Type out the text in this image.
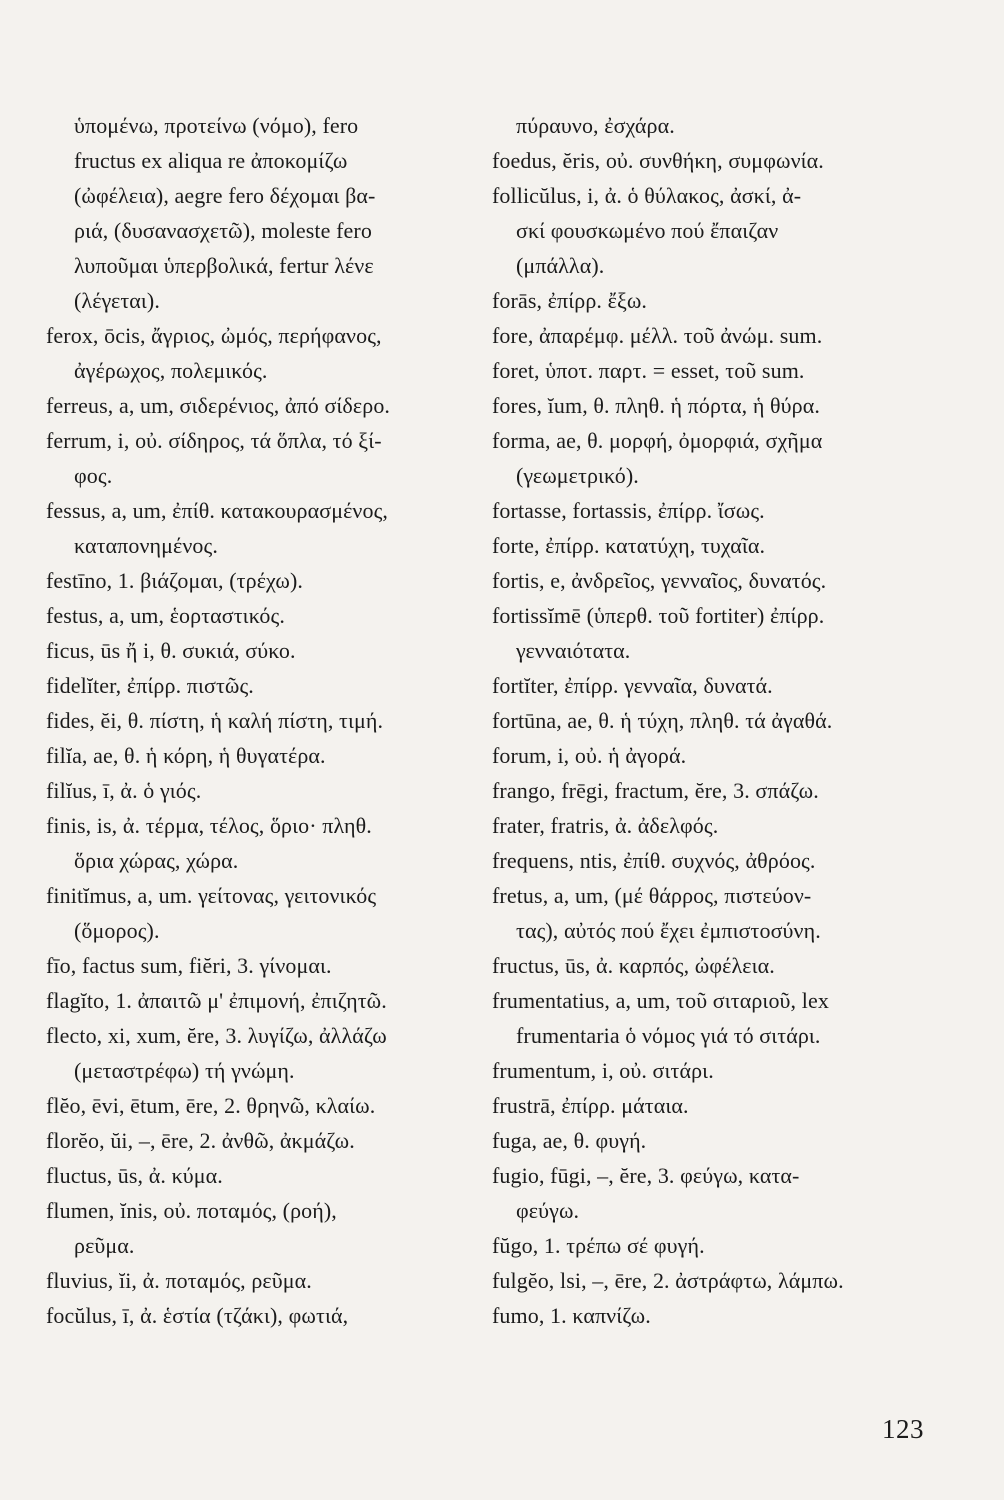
ὑπομένω, προτείνω (νόμο), fero
fructus ex aliqua re ἀποκομίζω
(ὠφέλεια), aegre fero δέχομαι βα-
ριά, (δυσανασχετῶ), moleste fero
λυποῦμαι ὑπερβολικά, fertur λένε
(λέγεται).
ferox, ōcis, ἄγριος, ὠμός, περήφανος,
ἀγέρωχος, πολεμικός.
ferreus, a, um, σιδερένιος, ἀπό σίδερο.
ferrum, i, οὐ. σίδηρος, τά ὅπλα, τό ξί-
φος.
fessus, a, um, ἐπίθ. κατακουρασμένος,
καταπονημένος.
festīno, 1. βιάζομαι, (τρέχω).
festus, a, um, ἑορταστικός.
ficus, ūs ἤ i, θ. συκιά, σύκο.
fidelĭter, ἐπίρρ. πιστῶς.
fides, ĕi, θ. πίστη, ἡ καλή πίστη, τιμή.
filĭa, ae, θ. ἡ κόρη, ἡ θυγατέρα.
filĭus, ī, ἀ. ὁ γιός.
finis, is, ἀ. τέρμα, τέλος, ὅριο· πληθ.
ὅρια χώρας, χώρα.
finitĭmus, a, um. γείτονας, γειτονικός
(ὅμορος).
fīo, factus sum, fiĕri, 3. γίνομαι.
flagĭto, 1. ἀπαιτῶ μ' ἐπιμονή, ἐπιζητῶ.
flecto, xi, xum, ĕre, 3. λυγίζω, ἀλλάζω
(μεταστρέφω) τή γνώμη.
flĕo, ēvi, ētum, ēre, 2. θρηνῶ, κλαίω.
florĕo, ŭi, –, ēre, 2. ἀνθῶ, ἀκμάζω.
fluctus, ūs, ἀ. κύμα.
flumen, ĭnis, οὐ. ποταμός, (ροή),
ρεῦμα.
fluvius, ĭi, ἀ. ποταμός, ρεῦμα.
focŭlus, ī, ἀ. ἑστία (τζάκι), φωτιά,
πύραυνο, ἐσχάρα.
foedus, ĕris, οὐ. συνθήκη, συμφωνία.
follicŭlus, i, ἀ. ὁ θύλακος, ἀσκί, ἀ-
σκί φουσκωμένο πού ἔπαιζαν
(μπάλλα).
forās, ἐπίρρ. ἔξω.
fore, ἀπαρέμφ. μέλλ. τοῦ ἀνώμ. sum.
foret, ὑποτ. παρτ. = esset, τοῦ sum.
fores, ĭum, θ. πληθ. ἡ πόρτα, ἡ θύρα.
forma, ae, θ. μορφή, ὀμορφιά, σχῆμα
(γεωμετρικό).
fortasse, fortassis, ἐπίρρ. ἴσως.
forte, ἐπίρρ. κατατύχη, τυχαῖα.
fortis, e, ἀνδρεῖος, γενναῖος, δυνατός.
fortissĭmē (ὑπερθ. τοῦ fortiter) ἐπίρρ.
γενναιότατα.
fortĭter, ἐπίρρ. γενναῖα, δυνατά.
fortūna, ae, θ. ἡ τύχη, πληθ. τά ἀγαθά.
forum, i, οὐ. ἡ ἀγορά.
frango, frēgi, fractum, ĕre, 3. σπάζω.
frater, fratris, ἀ. ἀδελφός.
frequens, ntis, ἐπίθ. συχνός, ἀθρόος.
fretus, a, um, (μέ θάρρος, πιστεύον-
τας), αὐτός πού ἔχει ἐμπιστοσύνη.
fructus, ūs, ἀ. καρπός, ὠφέλεια.
frumentatius, a, um, τοῦ σιταριοῦ, lex
frumentaria ὁ νόμος γιά τό σιτάρι.
frumentum, i, οὐ. σιτάρι.
frustrā, ἐπίρρ. μάταια.
fuga, ae, θ. φυγή.
fugio, fūgi, –, ĕre, 3. φεύγω, κατα-
φεύγω.
fŭgo, 1. τρέπω σέ φυγή.
fulgĕo, lsi, –, ēre, 2. ἀστράφτω, λάμπω.
fumo, 1. καπνίζω.
123
